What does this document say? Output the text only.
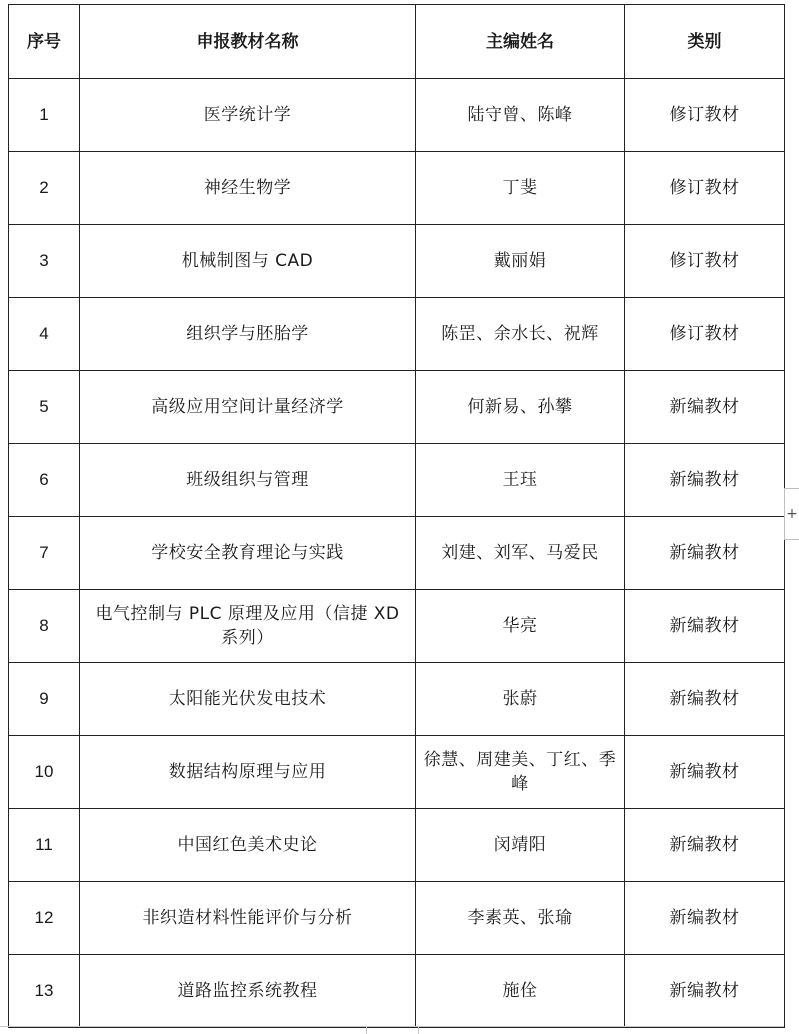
序号	申报教材名称	主编姓名	类别
1	医学统计学	陆守曾、陈峰	修订教材
2	神经生物学	丁斐	修订教材
3	机械制图与 CAD	戴丽娟	修订教材
4	组织学与胚胎学	陈罡、余水长、祝辉	修订教材
5	高级应用空间计量经济学	何新易、孙攀	新编教材
6	班级组织与管理	王珏	新编教材
7	学校安全教育理论与实践	刘建、刘军、马爱民	新编教材
8	电气控制与 PLC 原理及应用（信捷 XD 系列）	华亮	新编教材
9	太阳能光伏发电技术	张蔚	新编教材
10	数据结构原理与应用	徐慧、周建美、丁红、季峰	新编教材
11	中国红色美术史论	闵靖阳	新编教材
12	非织造材料性能评价与分析	李素英、张瑜	新编教材
13	道路监控系统教程	施佺	新编教材
+
